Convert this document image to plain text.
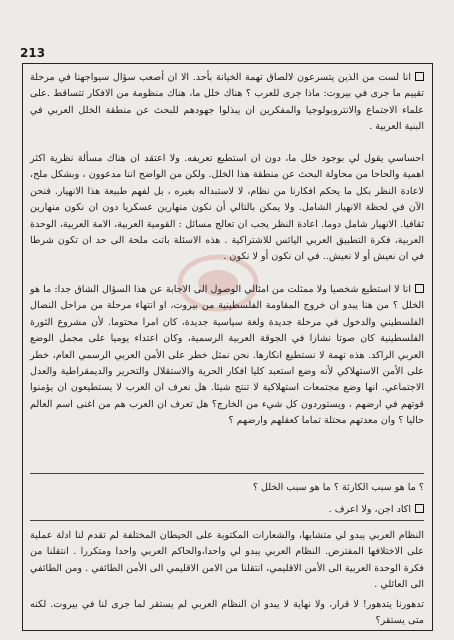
213

انا لست من الذين يتسرعون لالصاق تهمة الخيانة بأحد. الا ان أصعب سؤال سيواجهنا في مرحلة تقييم ما جرى في بيروت: ماذا جرى للعرب ؟ هناك خلل ما، هناك منظومة من الافكار تتساقط .على علماء الاجتماع والانتروبولوجيا والمفكرين ان يبذلوا جهودهم للبحث عن منطقة الخلل العربي في البنية العربية .

احساسي يقول لي بوجود خلل ما، دون ان استطيع تعريفه. ولا اعتقد ان هناك مسألة نظرية اكثر اهمية والحاحا من محاولة البحث عن منطقة هذا الخلل. ولكن من الواضح اننا مدعوون ، وبشكل ملح، لاعادة النظر بكل ما يحكم افكارنا من نظام، لا لاستبداله بغيره ، بل لفهم طبيعة هذا الانهيار. فنحن الآن في لحظة الانهيار الشامل. ولا يمكن بالتالي أن نكون منهارين عسكريا دون ان نكون منهارين ثقافيا. الانهيار شامل دوما. اعادة النظر يجب ان تعالج مسائل : القومية العربية، الامة العربية، الوحدة العربية، فكرة التطبيق العربي اليائس للاشتراكية . هذه الاسئلة باتت ملحة الى حد ان تكون شرطا في ان نعيش أو لا نعيش.. في ان نكون أو لا نكون .

انا لا استطيع شخصيا ولا ممثلت من امثالي الوصول الى الاجابة عن هذا السؤال الشاق جدا: ما هو الخلل ؟ من هنا يبدو ان خروج المقاومة الفلسطينية من بيروت، او انتهاء مرحلة من مراحل النضال الفلسطيني والدخول في مرحلة جديدة ولغة سياسية جديدة، كان امرا محتوما. لأن مشروع الثورة الفلسطينية كان صوتا نشازا في الجوقة العربية الرسمية، وكان اعتداء يوميا على مجمل الوضع العربي الراكد. هذه تهمة لا نستطيع انكارها. نحن نمثل خطر على الأمن العربي الرسمي العام، خطر على الأمن الاستهلاكي لأنه وضع استعبد كليا افكار الحرية والاستقلال والتحرير والديمقراطية والعدل الاجتماعي. انها وضع مجتمعات استهلاكية لا تنتج شيئا. هل نعرف ان العرب لا يستطيعون ان يؤمنوا قوتهم في ارضهم ، ويستوردون كل شيء من الخارج؟ هل تعرف ان العرب هم من اغنى اسم العالم حاليا ؟ وان معدتهم محتلة تماما كعقلهم وارضهم ؟

؟ ما هو سبب الكارثة ؟ ما هو سبب الخلل ؟

اكاد اجن، ولا اعرف .

النظام العربي يبدو لي متشابها، والشعارات المكتوبة على الحيطان المختلفة لم تقدم لنا ادلة عملية على الاختلافها المفترض. النظام العربي يبدو لي واحدا،والحاكم العربي واحدا ومتكررا . انتقلنا من فكرة الوحدة العربية الى الأمن الاقليمي، انتقلنا من الامن الاقليمي الى الأمن الطائفي . ومن الطائفي الى العائلي .

تدهورنا يتدهور! لا قرار، ولا نهاية لا يبدو ان النظام العربي لم يستقر لما جرى لنا في بيروت. لكنه متى يستقر؟
